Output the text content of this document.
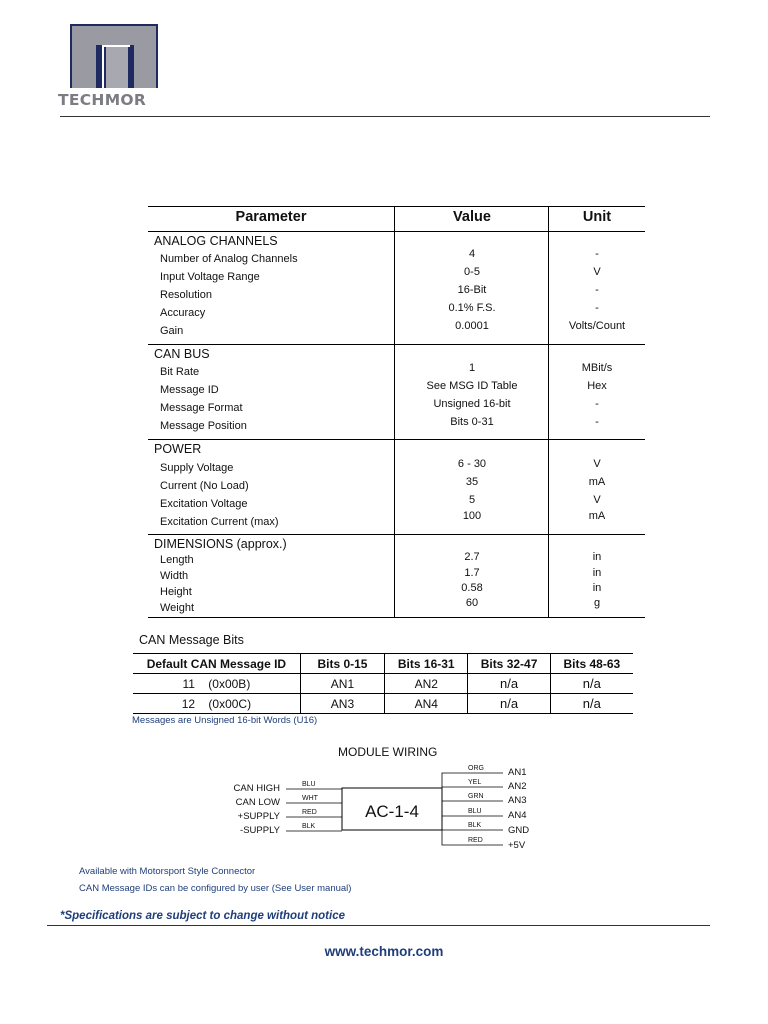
TECHMOR
Parameter	Value	Unit
ANALOG CHANNELS
Number of Analog Channels	4	-
Input Voltage Range	0-5	V
Resolution	16-Bit	-
Accuracy	0.1% F.S.	-
Gain	0.0001	Volts/Count
CAN BUS
Bit Rate	1	MBit/s
Message ID	See MSG ID Table	Hex
Message Format	Unsigned 16-bit	-
Message Position	Bits 0-31	-
POWER
Supply Voltage	6 - 30	V
Current (No Load)	35	mA
Excitation Voltage	5	V
Excitation Current (max)	100	mA
DIMENSIONS (approx.)
Length	2.7	in
Width	1.7	in
Height	0.58	in
Weight	60	g
CAN Message Bits
Default CAN Message ID	Bits 0-15	Bits 16-31	Bits 32-47	Bits 48-63
11    (0x00B)	AN1	AN2	n/a	n/a
12    (0x00C)	AN3	AN4	n/a	n/a
Messages are Unsigned 16-bit Words (U16)
MODULE WIRING
AC-1-4
CAN HIGH	BLU
CAN LOW	WHT
+SUPPLY	RED
-SUPPLY	BLK
AN1
ORG
AN2
YEL
AN3
GRN
AN4
BLU
GND
BLK
+5V
RED
Available with Motorsport Style Connector
CAN Message IDs can be configured by user (See User manual)
*Specifications are subject to change without notice
www.techmor.com
